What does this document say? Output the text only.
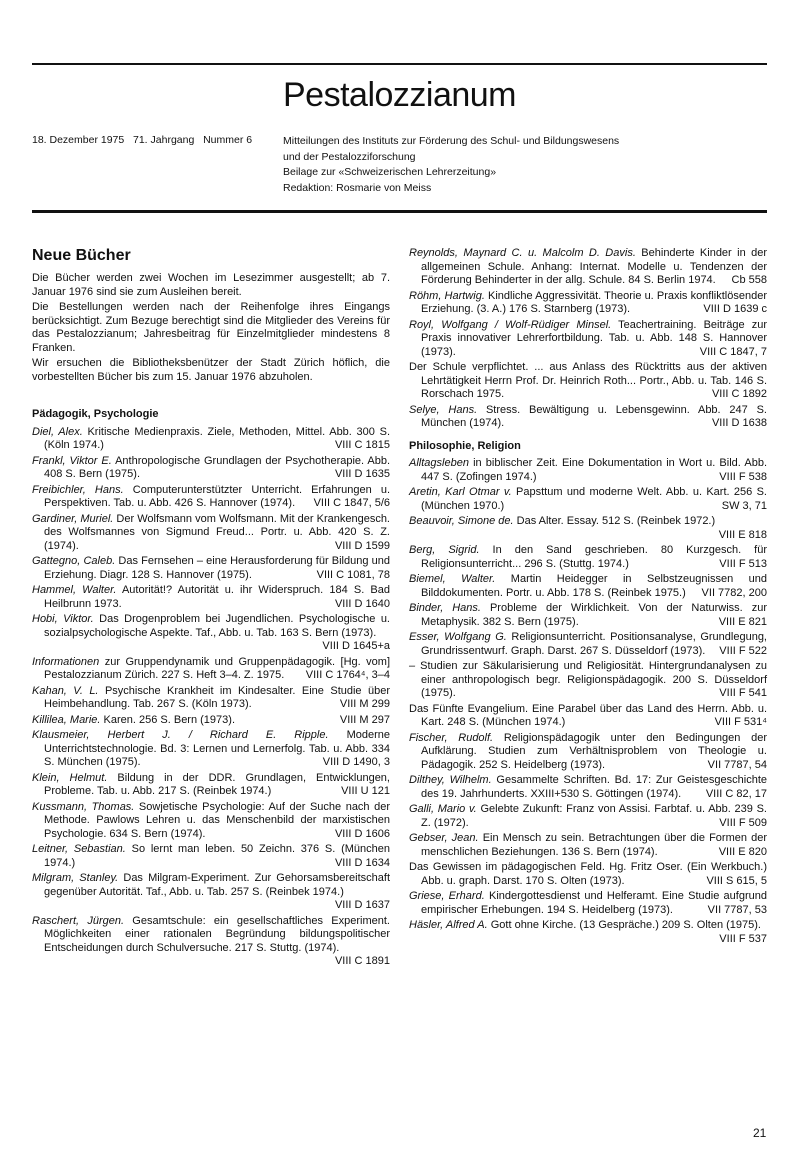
Pestalozzianum
18. Dezember 1975 71. Jahrgang Nummer 6	Mitteilungen des Instituts zur Förderung des Schul- und Bildungswesens
und der Pestalozziforschung
Beilage zur «Schweizerischen Lehrerzeitung»
Redaktion: Rosmarie von Meiss
Neue Bücher

Die Bücher werden zwei Wochen im Lesezimmer ausgestellt; ab 7. Januar 1976 sind sie zum Ausleihen bereit.

Die Bestellungen werden nach der Reihenfolge ihres Eingangs berücksichtigt. Zum Bezuge berechtigt sind die Mitglieder des Vereins für das Pestalozzianum; Jahresbeitrag für Einzelmitglieder mindestens 8 Franken.

Wir ersuchen die Bibliotheksbenützer der Stadt Zürich höflich, die vorbestellten Bücher bis zum 15. Januar 1976 abzuholen.

Pädagogik, Psychologie

Diel, Alex. Kritische Medienpraxis. Ziele, Methoden, Mittel. Abb. 300 S. (Köln 1974.)	VIII C 1815

Frankl, Viktor E. Anthropologische Grundlagen der Psychotherapie. Abb. 408 S. Bern (1975).	VIII D 1635

Freibichler, Hans. Computerunterstützter Unterricht. Erfahrungen u. Perspektiven. Tab. u. Abb. 426 S. Hannover (1974). VIII C 1847, 5/6

Gardiner, Muriel. Der Wolfsmann vom Wolfsmann. Mit der Krankengesch. des Wolfsmannes von Sigmund Freud... Portr. u. Abb. 420 S. Z. (1974).	VIII D 1599

Gattegno, Caleb. Das Fernsehen – eine Herausforderung für Bildung und Erziehung. Diagr. 128 S. Hannover (1975).	VIII C 1081, 78

Hammel, Walter. Autorität!? Autorität u. ihr Widerspruch. 184 S. Bad Heilbrunn 1973.	VIII D 1640

Hobi, Viktor. Das Drogenproblem bei Jugendlichen. Psychologische u. sozialpsychologische Aspekte. Taf., Abb. u. Tab. 163 S. Bern (1973).
VIII D 1645+a

Informationen zur Gruppendynamik und Gruppenpädagogik. [Hg. vom] Pestalozzianum Zürich. 227 S. Heft 3–4. Z. 1975. VIII C 1764⁴, 3–4

Kahan, V. L. Psychische Krankheit im Kindesalter. Eine Studie über Heimbehandlung. Tab. 267 S. (Köln 1973).	VIII M 299

Killilea, Marie. Karen. 256 S. Bern (1973).	VIII M 297

Klausmeier, Herbert J. / Richard E. Ripple. Moderne Unterrichtstechnologie. Bd. 3: Lernen und Lernerfolg. Tab. u. Abb. 334 S. München (1975).	VIII D 1490, 3

Klein, Helmut. Bildung in der DDR. Grundlagen, Entwicklungen, Probleme. Tab. u. Abb. 217 S. (Reinbek 1974.)	VIII U 121

Kussmann, Thomas. Sowjetische Psychologie: Auf der Suche nach der Methode. Pawlows Lehren u. das Menschenbild der marxistischen Psychologie. 634 S. Bern (1974).	VIII D 1606

Leitner, Sebastian. So lernt man leben. 50 Zeichn. 376 S. (München 1974.)	VIII D 1634

Milgram, Stanley. Das Milgram-Experiment. Zur Gehorsamsbereitschaft gegenüber Autorität. Taf., Abb. u. Tab. 257 S. (Reinbek 1974.)
VIII D 1637

Raschert, Jürgen. Gesamtschule: ein gesellschaftliches Experiment. Möglichkeiten einer rationalen Begründung bildungspolitischer Entscheidungen durch Schulversuche. 217 S. Stuttg. (1974).
VIII C 1891

Reynolds, Maynard C. u. Malcolm D. Davis. Behinderte Kinder in der allgemeinen Schule. Anhang: Internat. Modelle u. Tendenzen der Förderung Behinderter in der allg. Schule. 84 S. Berlin 1974. Cb 558

Röhm, Hartwig. Kindliche Aggressivität. Theorie u. Praxis konfliktlösender Erziehung. (3. A.) 176 S. Starnberg (1973).	VIII D 1639 c

Royl, Wolfgang / Wolf-Rüdiger Minsel. Teachertraining. Beiträge zur Praxis innovativer Lehrerfortbildung. Tab. u. Abb. 148 S. Hannover (1973).	VIII C 1847, 7

Der Schule verpflichtet. ... aus Anlass des Rücktritts aus der aktiven Lehrtätigkeit Herrn Prof. Dr. Heinrich Roth... Portr., Abb. u. Tab. 146 S. Rorschach 1975.	VIII C 1892

Selye, Hans. Stress. Bewältigung u. Lebensgewinn. Abb. 247 S. München (1974).	VIII D 1638

Philosophie, Religion

Alltagsleben in biblischer Zeit. Eine Dokumentation in Wort u. Bild. Abb. 447 S. (Zofingen 1974.)	VIII F 538

Aretin, Karl Otmar v. Papsttum und moderne Welt. Abb. u. Kart. 256 S. (München 1970.)	SW 3, 71

Beauvoir, Simone de. Das Alter. Essay. 512 S. (Reinbek 1972.)
VIII E 818

Berg, Sigrid. In den Sand geschrieben. 80 Kurzgesch. für Religionsunterricht... 296 S. (Stuttg. 1974.)	VIII F 513

Biemel, Walter. Martin Heidegger in Selbstzeugnissen und Bilddokumenten. Portr. u. Abb. 178 S. (Reinbek 1975.) VII 7782, 200

Binder, Hans. Probleme der Wirklichkeit. Von der Naturwiss. zur Metaphysik. 382 S. Bern (1975).	VIII E 821

Esser, Wolfgang G. Religionsunterricht. Positionsanalyse, Grundlegung, Grundrissentwurf. Graph. Darst. 267 S. Düsseldorf (1973). VIII F 522

– Studien zur Säkularisierung und Religiosität. Hintergrundanalysen zu einer anthropologisch begr. Religionspädagogik. 200 S. Düsseldorf (1975).	VIII F 541

Das Fünfte Evangelium. Eine Parabel über das Land des Herrn. Abb. u. Kart. 248 S. (München 1974.)	VIII F 531⁴

Fischer, Rudolf. Religionspädagogik unter den Bedingungen der Aufklärung. Studien zum Verhältnisproblem von Theologie u. Pädagogik. 252 S. Heidelberg (1973).	VII 7787, 54

Dilthey, Wilhelm. Gesammelte Schriften. Bd. 17: Zur Geistesgeschichte des 19. Jahrhunderts. XXIII+530 S. Göttingen (1974). VIII C 82, 17

Galli, Mario v. Gelebte Zukunft: Franz von Assisi. Farbtaf. u. Abb. 239 S. Z. (1972).	VIII F 509

Gebser, Jean. Ein Mensch zu sein. Betrachtungen über die Formen der menschlichen Beziehungen. 136 S. Bern (1974).	VIII E 820

Das Gewissen im pädagogischen Feld. Hg. Fritz Oser. (Ein Werkbuch.) Abb. u. graph. Darst. 170 S. Olten (1973).	VIII S 615, 5

Griese, Erhard. Kindergottesdienst und Helferamt. Eine Studie aufgrund empirischer Erhebungen. 194 S. Heidelberg (1973).	VII 7787, 53

Häsler, Alfred A. Gott ohne Kirche. (13 Gespräche.) 209 S. Olten (1975).
VIII F 537

21
